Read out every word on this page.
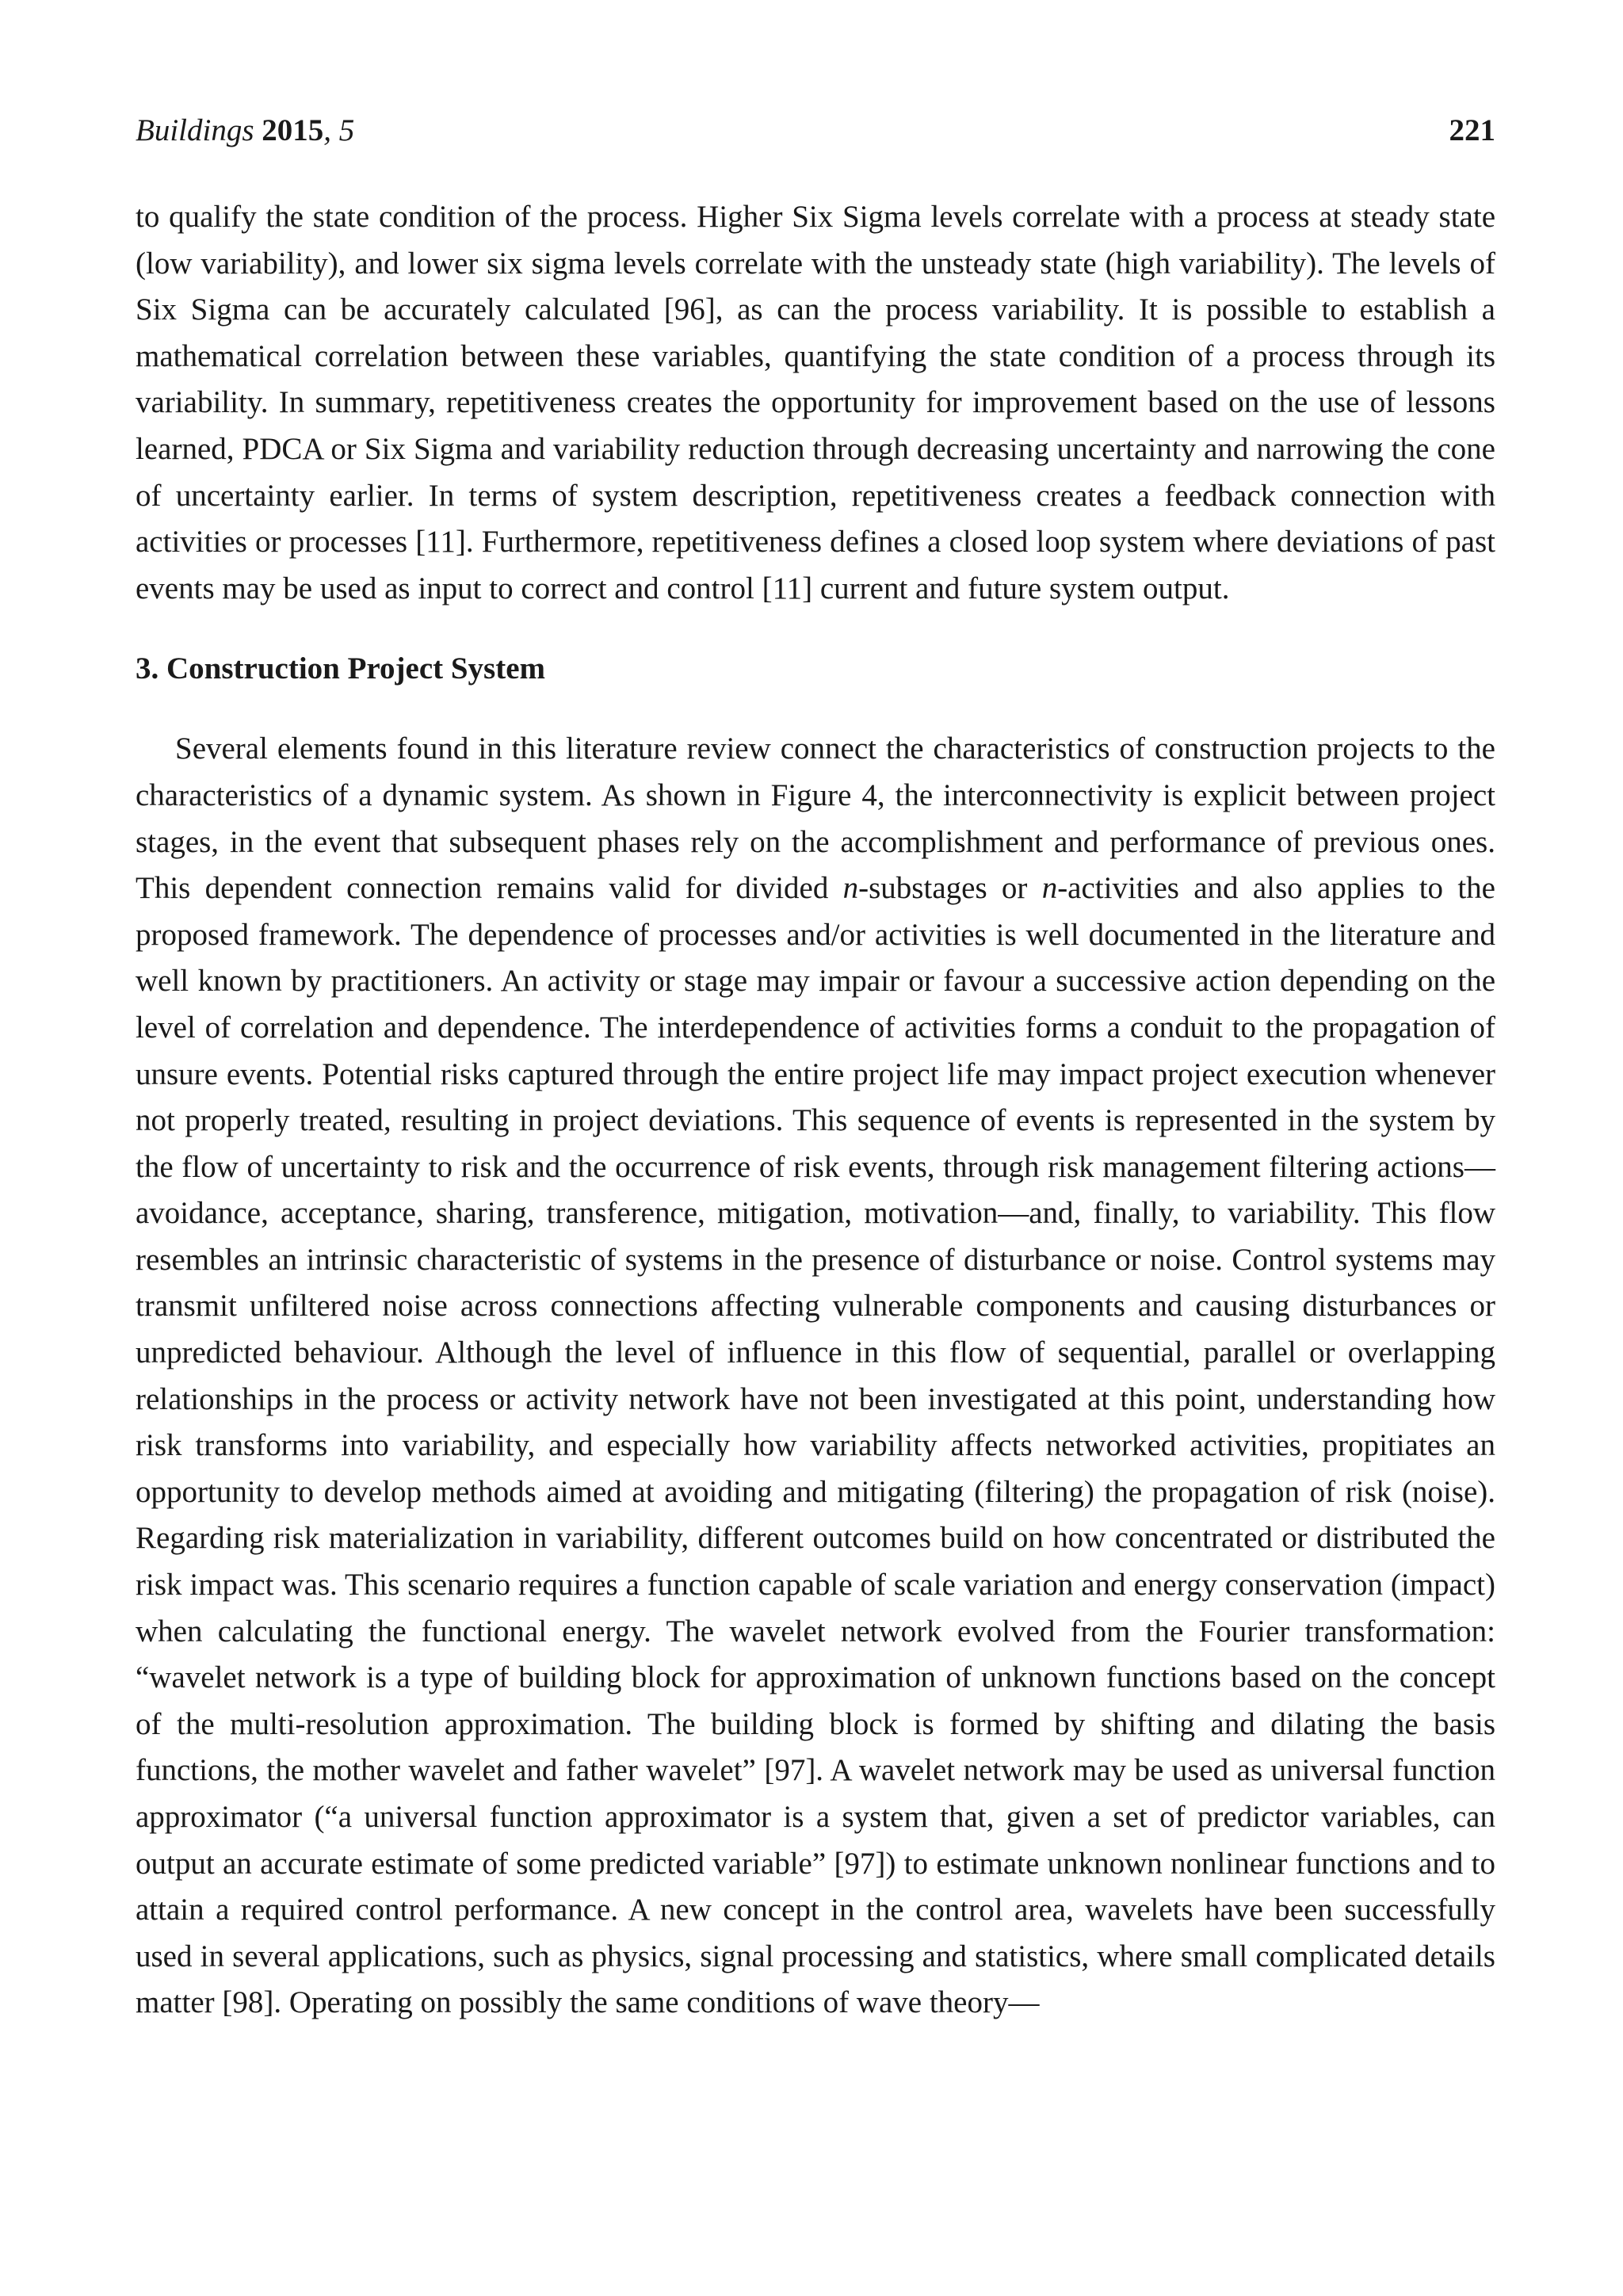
Buildings 2015, 5	221

to qualify the state condition of the process. Higher Six Sigma levels correlate with a process at steady state (low variability), and lower six sigma levels correlate with the unsteady state (high variability). The levels of Six Sigma can be accurately calculated [96], as can the process variability. It is possible to establish a mathematical correlation between these variables, quantifying the state condition of a process through its variability. In summary, repetitiveness creates the opportunity for improvement based on the use of lessons learned, PDCA or Six Sigma and variability reduction through decreasing uncertainty and narrowing the cone of uncertainty earlier. In terms of system description, repetitiveness creates a feedback connection with activities or processes [11]. Furthermore, repetitiveness defines a closed loop system where deviations of past events may be used as input to correct and control [11] current and future system output.

3. Construction Project System

Several elements found in this literature review connect the characteristics of construction projects to the characteristics of a dynamic system. As shown in Figure 4, the interconnectivity is explicit between project stages, in the event that subsequent phases rely on the accomplishment and performance of previous ones. This dependent connection remains valid for divided n-substages or n-activities and also applies to the proposed framework. The dependence of processes and/or activities is well documented in the literature and well known by practitioners. An activity or stage may impair or favour a successive action depending on the level of correlation and dependence. The interdependence of activities forms a conduit to the propagation of unsure events. Potential risks captured through the entire project life may impact project execution whenever not properly treated, resulting in project deviations. This sequence of events is represented in the system by the flow of uncertainty to risk and the occurrence of risk events, through risk management filtering actions—avoidance, acceptance, sharing, transference, mitigation, motivation—and, finally, to variability. This flow resembles an intrinsic characteristic of systems in the presence of disturbance or noise. Control systems may transmit unfiltered noise across connections affecting vulnerable components and causing disturbances or unpredicted behaviour. Although the level of influence in this flow of sequential, parallel or overlapping relationships in the process or activity network have not been investigated at this point, understanding how risk transforms into variability, and especially how variability affects networked activities, propitiates an opportunity to develop methods aimed at avoiding and mitigating (filtering) the propagation of risk (noise). Regarding risk materialization in variability, different outcomes build on how concentrated or distributed the risk impact was. This scenario requires a function capable of scale variation and energy conservation (impact) when calculating the functional energy. The wavelet network evolved from the Fourier transformation: “wavelet network is a type of building block for approximation of unknown functions based on the concept of the multi-resolution approximation. The building block is formed by shifting and dilating the basis functions, the mother wavelet and father wavelet” [97]. A wavelet network may be used as universal function approximator (“a universal function approximator is a system that, given a set of predictor variables, can output an accurate estimate of some predicted variable” [97]) to estimate unknown nonlinear functions and to attain a required control performance. A new concept in the control area, wavelets have been successfully used in several applications, such as physics, signal processing and statistics, where small complicated details matter [98]. Operating on possibly the same conditions of wave theory—
